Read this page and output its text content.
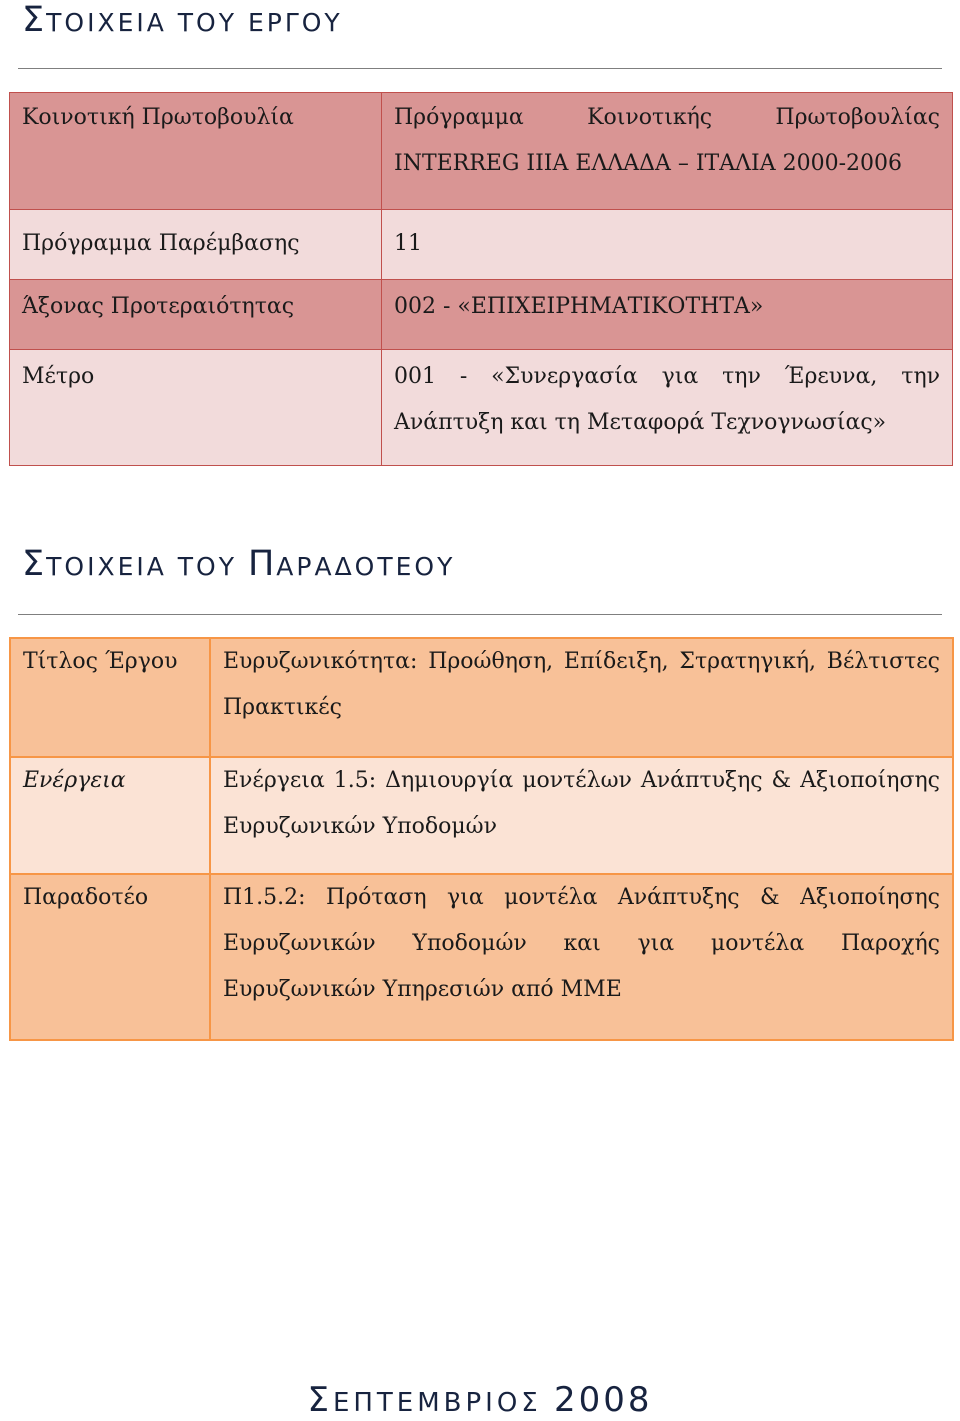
ΣΤΟΙΧΕΙΑ ΤΟΥ ΕΡΓΟΥ
Κοινοτική Πρωτοβουλία	Πρόγραμμα Κοινοτικής Πρωτοβουλίας INTERREG IIIA ΕΛΛΑΔΑ – ΙΤΑΛΙΑ 2000-2006
Πρόγραμμα Παρέμβασης	11
Άξονας Προτεραιότητας	002 - «ΕΠΙΧΕΙΡΗΜΑΤΙΚΟΤΗΤΑ»
Μέτρο	001 - «Συνεργασία για την Έρευνα, την Ανάπτυξη και τη Μεταφορά Τεχνογνωσίας»
ΣΤΟΙΧΕΙΑ ΤΟΥ ΠΑΡΑΔΟΤΕΟΥ
Τίτλος Έργου	Ευρυζωνικότητα: Προώθηση, Επίδειξη, Στρατηγική, Βέλτιστες Πρακτικές
Ενέργεια	Ενέργεια 1.5: Δημιουργία μοντέλων Ανάπτυξης & Αξιοποίησης Ευρυζωνικών Υποδομών
Παραδοτέο	Π1.5.2: Πρόταση για μοντέλα Ανάπτυξης & Αξιοποίησης Ευρυζωνικών Υποδομών και για μοντέλα Παροχής Ευρυζωνικών Υπηρεσιών από ΜΜΕ

ΣΕΠΤΕΜΒΡΙΟΣ 2008
